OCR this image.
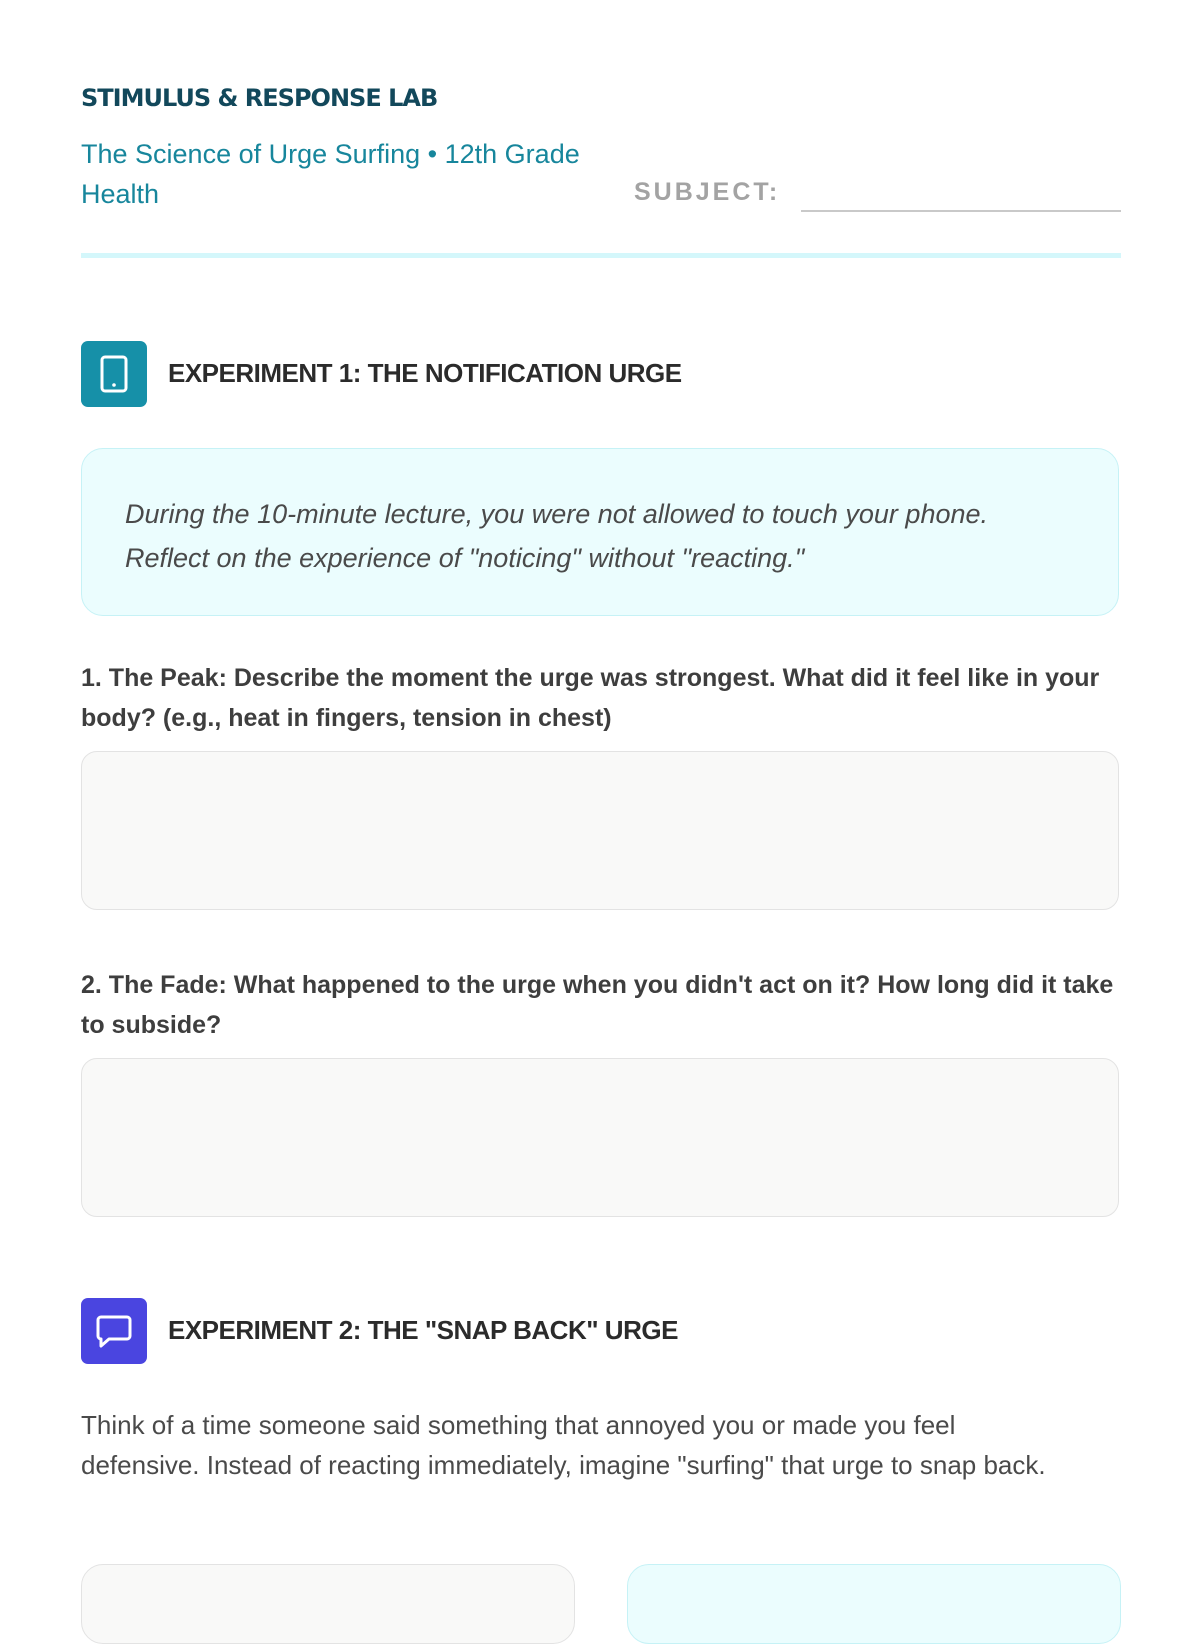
STIMULUS & RESPONSE LAB
The Science of Urge Surfing • 12th Grade Health	SUBJECT:
EXPERIMENT 1: THE NOTIFICATION URGE
During the 10-minute lecture, you were not allowed to touch your phone. Reflect on the experience of "noticing" without "reacting."
1. The Peak: Describe the moment the urge was strongest. What did it feel like in your body? (e.g., heat in fingers, tension in chest)
2. The Fade: What happened to the urge when you didn't act on it? How long did it take to subside?
EXPERIMENT 2: THE "SNAP BACK" URGE
Think of a time someone said something that annoyed you or made you feel defensive. Instead of reacting immediately, imagine "surfing" that urge to snap back.
